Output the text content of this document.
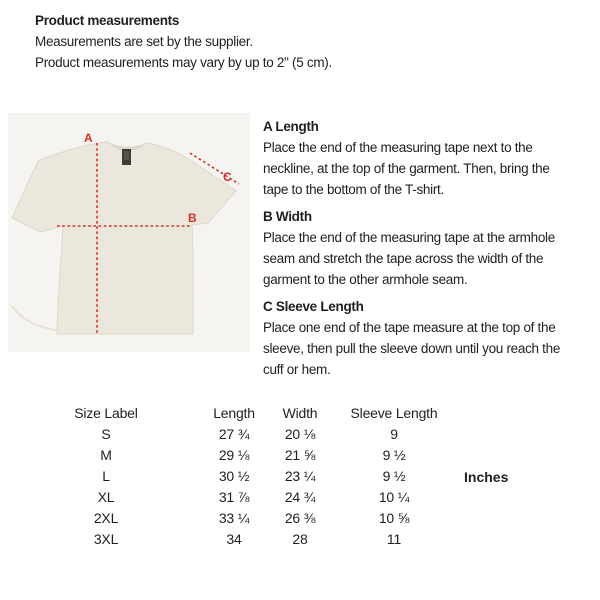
Product measurements
Measurements are set by the supplier.
Product measurements may vary by up to 2" (5 cm).
A
B
C
A Length
Place the end of the measuring tape next to the
neckline, at the top of the garment. Then, bring the
tape to the bottom of the T-shirt.
B Width
Place the end of the measuring tape at the armhole
seam and stretch the tape across the width of the
garment to the other armhole seam.
C Sleeve Length
Place one end of the tape measure at the top of the
sleeve, then pull the sleeve down until you reach the
cuff or hem.
Size Label	Length	Width	Sleeve Length
S	27 ¾	20 ⅛	9
M	29 ⅛	21 ⅝	9 ½
L	30 ½	23 ¼	9 ½
XL	31 ⅞	24 ¾	10 ¼
2XL	33 ¼	26 ⅜	10 ⅝
3XL	34	28	11
Inches
